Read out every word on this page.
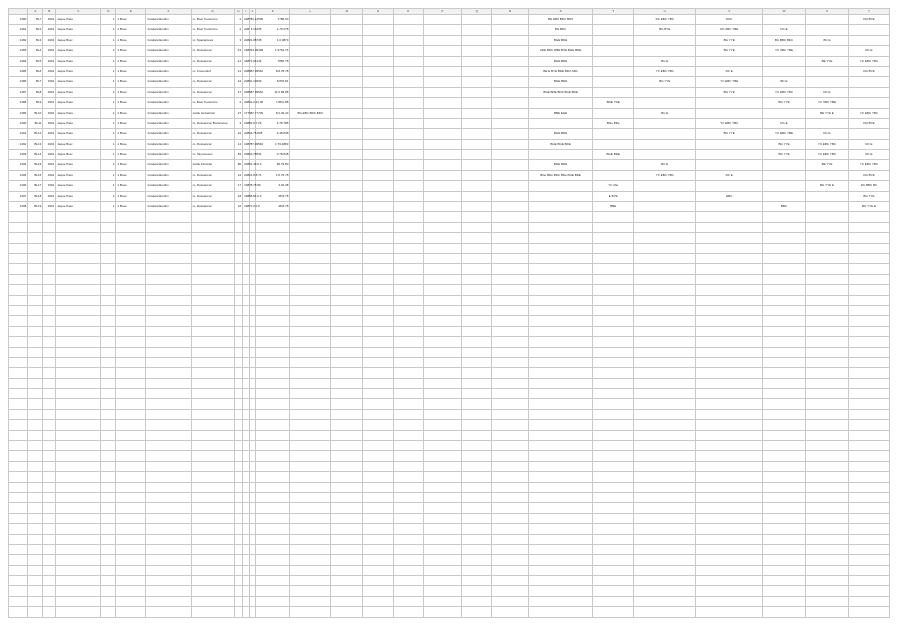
	A	B	C	D	E	F	G	H	I	J	K	L	M	N	O	P	Q	R	S	T	U	V	W	X	Y
1480	BL7	1991	Jeque Pass	1	1 Boxe	Grodanclamdim	ro. Boer Korencivu	2	2087	81.12599	7768.00								BN EBX BDC BDX		DC EBC YBC	DCF			DG BYE
1481	BL2	1991	Jeque Pass	1	1 Boxe	Grodanclamdim	ro. Boer Korencivu	2	208	4.16435	1.79.078								BG BDC		BG BYE	DC ZBC YBE	DC E		
1482	BL3	1991	Jeque Boer	1	1 Boxe	Grodanclamdim	ro. Spacarpeva	3	2082	1.08738	1.0.0879								BGE BDE			BG YYE	BC BBC BDC	BC E	
1483	BL4	1991	Jeque Pass	1	1 Boxe	Grodanclamdim	ro. Rozeancuc	43	1987	64.09438	1.9764.76								ADE BDC DBE BXE BGE BDE			BG YYE	YC XBC YBE		DC E
1484	BL5	1991	Jeque Pass	1	1 Boxe	Grodanclamdim	ro. Rozeancuc	41	1987	1.04149	7865.78								BGE BDE		BC E			BE YYE	YC EBC YBC
1485	BL6	1991	Jeque Pass	1	1 Boxe	Grodanclamdim	ro. Kroomdorf	41	2080	87.99540	8.8.78.78								BE E BYE BDE BDX ABC		YC EBC YBC	DC E			DG BYE
1486	BL7	1991	Jeque Pass	1	1 Boxe	Grodanclamdim	ro. Rozeancuc	44	2080	1.14839	8.876.81								BGE BDE		BG YYE	YC EBC YBE	BC E		
1487	BL8	1991	Jeque Pass	1	1 Boxe	Grodanclamdim	ro. Rozeancuc	47	2080	87.99540	11.0.89.88								BGE BDE BDX BGE BDE			BG YYE	YC EBC YBC	DC E	
1488	BL9	1991	Jeque Pass	1	1 Boxe	Grodanclamdim	ro. Boer Korencivu	2	2083	1.0.41.38	7.88.0.88									BDE YDE			BG YYE	YC XBC YBE	
1489	BL10	1991	Jeque Pass	1	1 Boxe	Grodanclamdim	zarde Hezaxicial	27	1779	87.77709	8.0.49.43	BG EBC BDC BDC							BBE EGE		BC E			BE YYE E	YC EBC YBC
1490	BL11	1991	Jeque Pass	1	1 Boxe	Grodanclamdim	ro. Rozeancuc Bozanscup	3	2088	1.8.7.29	4.78.788									BGe BDe		YC EBC YBC	DC E		DG BYE
1491	BL12	1991	Jeque Pass	1	1 Boxe	Grodanclamdim	ro. Rozeancuc	22	2081	4.78.838	4.48.848								BGE BDE			BG YYE	YC EBC YBE	DC E	
1492	BL13	1991	Jeque Boer	1	1 Boxe	Grodanclamdim	ro. Rozeancuc	14	1987	87.99540	1.79.4883								BGE BGE BDE				BG YYE	YC EBC YBC	DC E
1493	BL14	1991	Jeque Boer	1	1 Boxe	Grodanclamdim	ro. Skynorevec	84	2081	0.78534	0.78.848									BGE BDE			BG YYE	YC EBC YBC	DC E
1494	BL15	1991	Jeque Pass	1	1 Boxe	Grodanclamdim	zarde Fluzicial	80	2080	1.49.0.0	99.79.80								BGE BDE		BC E			BE YYE	YC EBC YBC
1495	BL16	1991	Jeque Pass	1	1 Boxe	Grodanclamdim	ro. Rozeancuc	24	2082	1.8.8.74	1.8.76.78								BGe BDe BDC BDe BGE BDE		YC EBC YBC	DC E			DG BYE
1496	BL17	1991	Jeque Pass	1	1 Boxe	Grodanclamdim	ro. Rozeancuc	17	1987	8.78.89	3.04.48									YC dhe				BG YYE E	DC BBC BC
1497	BL18	1991	Jeque Pass	1	1 Boxe	Grodanclamdim	ro. Rozeancuc	18	1985	8.84.0.0	48.8.78									E BYE		EBC			BG YYE
1498	BL19	1991	Jeque Pass	1	1 Boxe	Grodanclamdim	ro. Rozeancuc	16	1987	1.0.0.0	48.8.78									BBE			BBC		BG YYE E
